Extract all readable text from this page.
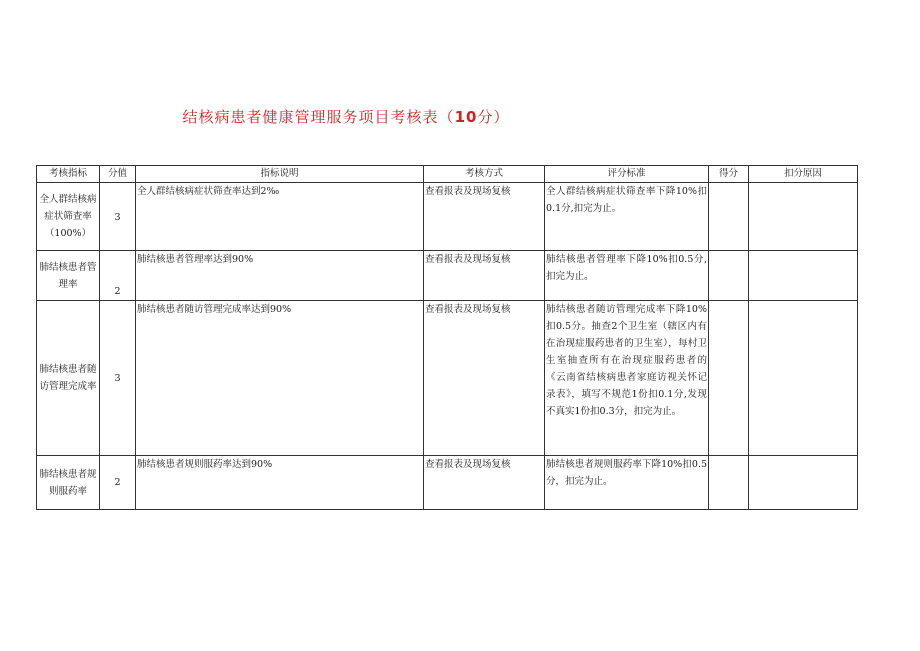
结核病患者健康管理服务项目考核表（10分）
考核指标	分值	指标说明	考核方式	评分标准	得分	扣分原因
全人群结核病症状筛查率（100%）	3	全人群结核病症状筛查率达到2‰	查看报表及现场复核	全人群结核病症状筛查率下降10%扣0.1分,扣完为止。		
肺结核患者管理率	2	肺结核患者管理率达到90%	查看报表及现场复核	肺结核患者管理率下降10%扣0.5分,扣完为止。		
肺结核患者随访管理完成率	3	肺结核患者随访管理完成率达到90%	查看报表及现场复核	肺结核患者随访管理完成率下降10%扣0.5分。抽查2个卫生室（辖区内有在治现症服药患者的卫生室），每村卫生室抽查所有在治现症服药患者的《云南省结核病患者家庭访视关怀记录表》，填写不规范1份扣0.1分,发现不真实1份扣0.3分，扣完为止。		
肺结核患者规则服药率	2	肺结核患者规则服药率达到90%	查看报表及现场复核	肺结核患者规则服药率下降10%扣0.5分，扣完为止。		
